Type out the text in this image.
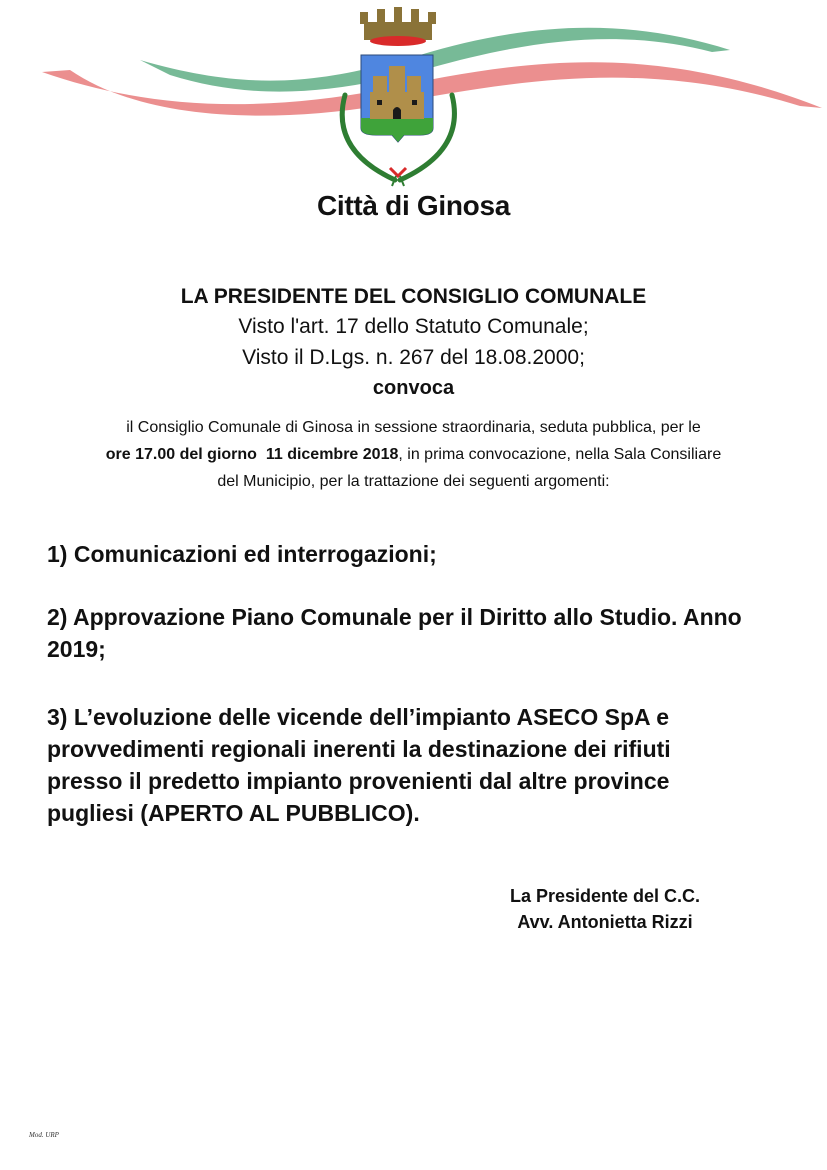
Città di Ginosa
LA PRESIDENTE DEL CONSIGLIO COMUNALE
Visto l'art. 17 dello Statuto Comunale;
Visto il D.Lgs. n. 267 del 18.08.2000;
convoca
il Consiglio Comunale di Ginosa in sessione straordinaria, seduta pubblica, per le
ore 17.00 del giorno  11 dicembre 2018, in prima convocazione, nella Sala Consiliare
del Municipio, per la trattazione dei seguenti argomenti:
1) Comunicazioni ed interrogazioni;
2) Approvazione Piano Comunale per il Diritto allo Studio. Anno 2019;
3) L’evoluzione delle vicende dell’impianto ASECO SpA e provvedimenti regionali inerenti la destinazione dei rifiuti presso il predetto impianto provenienti dal altre province pugliesi (APERTO AL PUBBLICO).
La Presidente del C.C.
Avv. Antonietta Rizzi
Mod. URP
